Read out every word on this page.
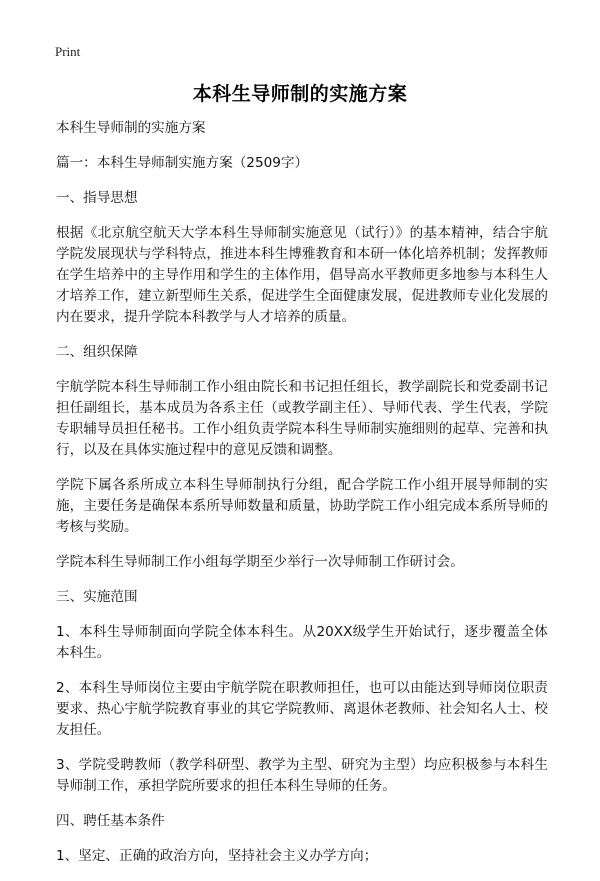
Print
本科生导师制的实施方案
本科生导师制的实施方案
篇一：本科生导师制实施方案（2509字）
一、指导思想

根据《北京航空航天大学本科生导师制实施意见（试行）》的基本精神，结合宇航学院发展现状与学科特点，推进本科生博雅教育和本研一体化培养机制；发挥教师在学生培养中的主导作用和学生的主体作用，倡导高水平教师更多地参与本科生人才培养工作，建立新型师生关系，促进学生全面健康发展，促进教师专业化发展的内在要求，提升学院本科教学与人才培养的质量。

二、组织保障

宇航学院本科生导师制工作小组由院长和书记担任组长，教学副院长和党委副书记担任副组长，基本成员为各系主任（或教学副主任）、导师代表、学生代表，学院专职辅导员担任秘书。工作小组负责学院本科生导师制实施细则的起草、完善和执行，以及在具体实施过程中的意见反馈和调整。

学院下属各系所成立本科生导师制执行分组，配合学院工作小组开展导师制的实施，主要任务是确保本系所导师数量和质量，协助学院工作小组完成本系所导师的考核与奖励。

学院本科生导师制工作小组每学期至少举行一次导师制工作研讨会。

三、实施范围

1、本科生导师制面向学院全体本科生。从20XX级学生开始试行，逐步覆盖全体本科生。

2、本科生导师岗位主要由宇航学院在职教师担任，也可以由能达到导师岗位职责要求、热心宇航学院教育事业的其它学院教师、离退休老教师、社会知名人士、校友担任。

3、学院受聘教师（教学科研型、教学为主型、研究为主型）均应积极参与本科生导师制工作，承担学院所要求的担任本科生导师的任务。

四、聘任基本条件

1、坚定、正确的政治方向，坚持社会主义办学方向；
